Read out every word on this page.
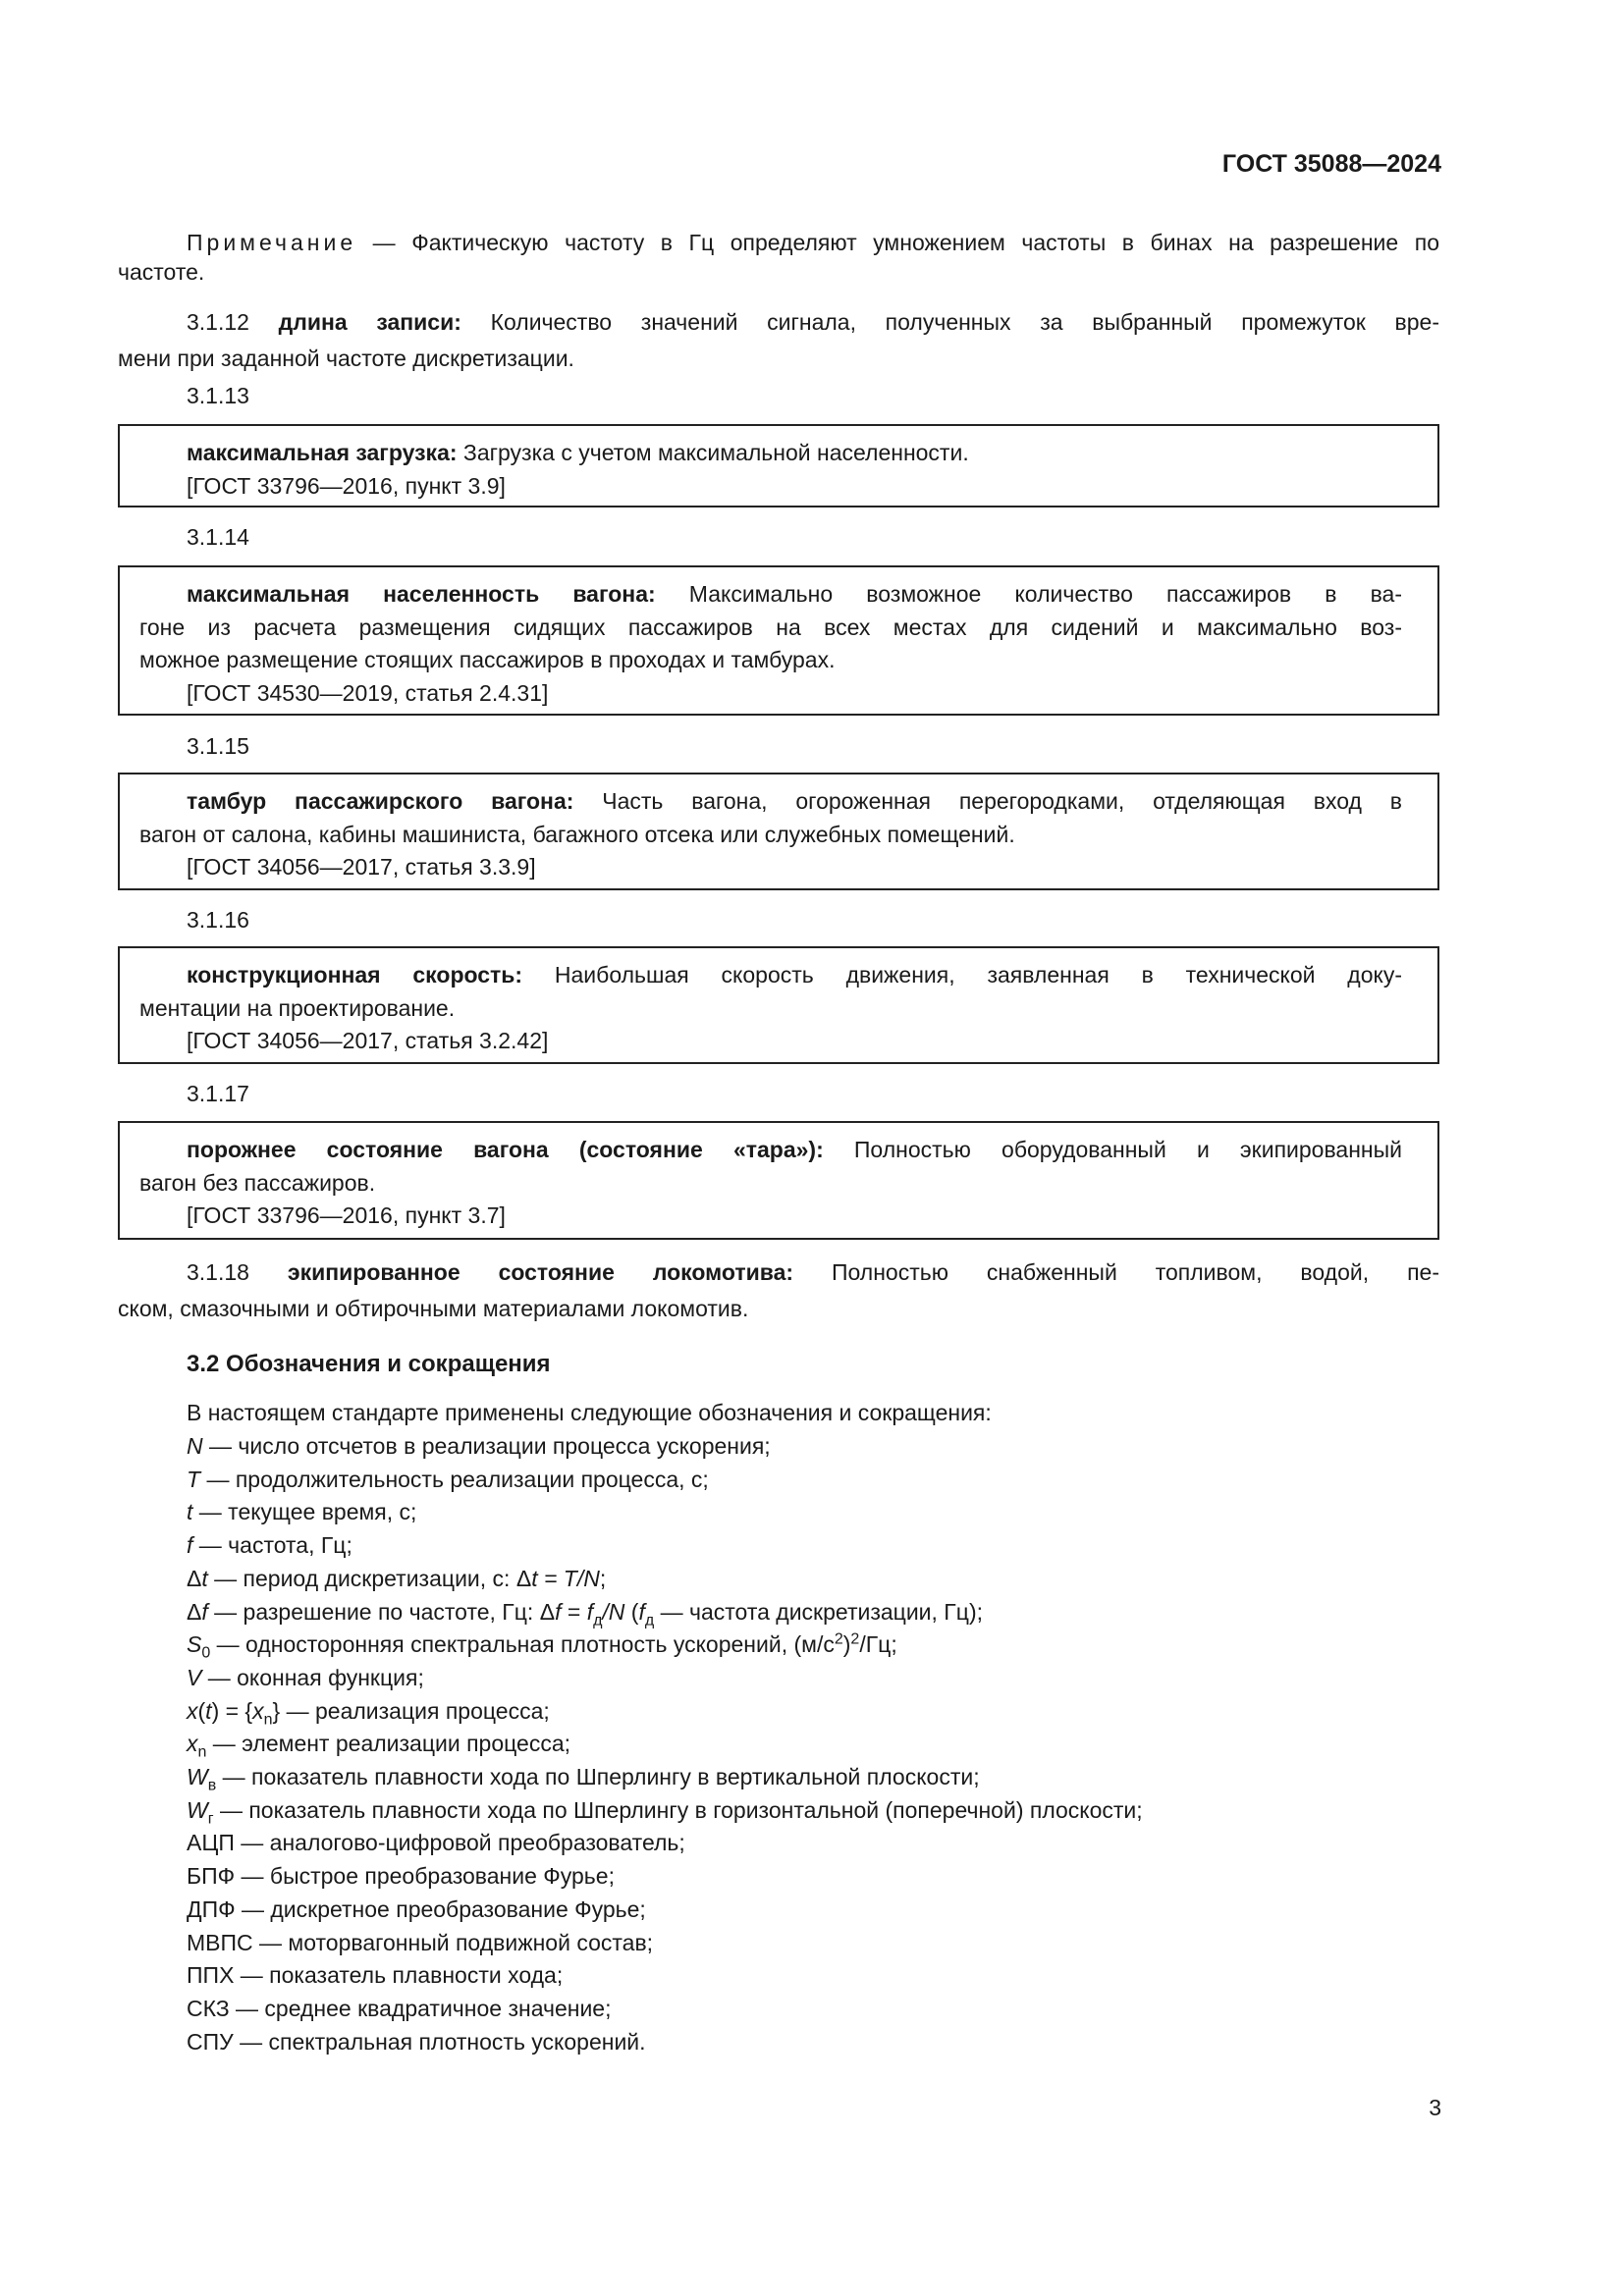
ГОСТ 35088—2024
Примечание — Фактическую частоту в Гц определяют умножением частоты в бинах на разрешение по
частоте.
3.1.12 длина записи: Количество значений сигнала, полученных за выбранный промежуток вре-
мени при заданной частоте дискретизации.
3.1.13
максимальная загрузка: Загрузка с учетом максимальной населенности.
[ГОСТ 33796—2016, пункт 3.9]
3.1.14
максимальная населенность вагона: Максимально возможное количество пассажиров в ва-
гоне из расчета размещения сидящих пассажиров на всех местах для сидений и максимально воз-
можное размещение стоящих пассажиров в проходах и тамбурах.
[ГОСТ 34530—2019, статья 2.4.31]
3.1.15
тамбур пассажирского вагона: Часть вагона, огороженная перегородками, отделяющая вход в
вагон от салона, кабины машиниста, багажного отсека или служебных помещений.
[ГОСТ 34056—2017, статья 3.3.9]
3.1.16
конструкционная скорость: Наибольшая скорость движения, заявленная в технической доку-
ментации на проектирование.
[ГОСТ 34056—2017, статья 3.2.42]
3.1.17
порожнее состояние вагона (состояние «тара»): Полностью оборудованный и экипированный
вагон без пассажиров.
[ГОСТ 33796—2016, пункт 3.7]
3.1.18 экипированное состояние локомотива: Полностью снабженный топливом, водой, пе-
ском, смазочными и обтирочными материалами локомотив.
3.2 Обозначения и сокращения
В настоящем стандарте применены следующие обозначения и сокращения:
N — число отсчетов в реализации процесса ускорения;
T — продолжительность реализации процесса, с;
t — текущее время, с;
f — частота, Гц;
Δt — период дискретизации, с: Δt = T/N;
Δf — разрешение по частоте, Гц: $\Delta f = f_д/N$ ($f_д$ — частота дискретизации, Гц);
$S_0$ — односторонняя спектральная плотность ускорений, $(м/с^2)^2/Гц$;
V — оконная функция;
$x(t) = \{x_n\}$ — реализация процесса;
$x_n$ — элемент реализации процесса;
$W_в$ — показатель плавности хода по Шперлингу в вертикальной плоскости;
$W_г$ — показатель плавности хода по Шперлингу в горизонтальной (поперечной) плоскости;
АЦП — аналогово-цифровой преобразователь;
БПФ — быстрое преобразование Фурье;
ДПФ — дискретное преобразование Фурье;
МВПС — моторвагонный подвижной состав;
ППХ — показатель плавности хода;
СКЗ — среднее квадратичное значение;
СПУ — спектральная плотность ускорений.
3
